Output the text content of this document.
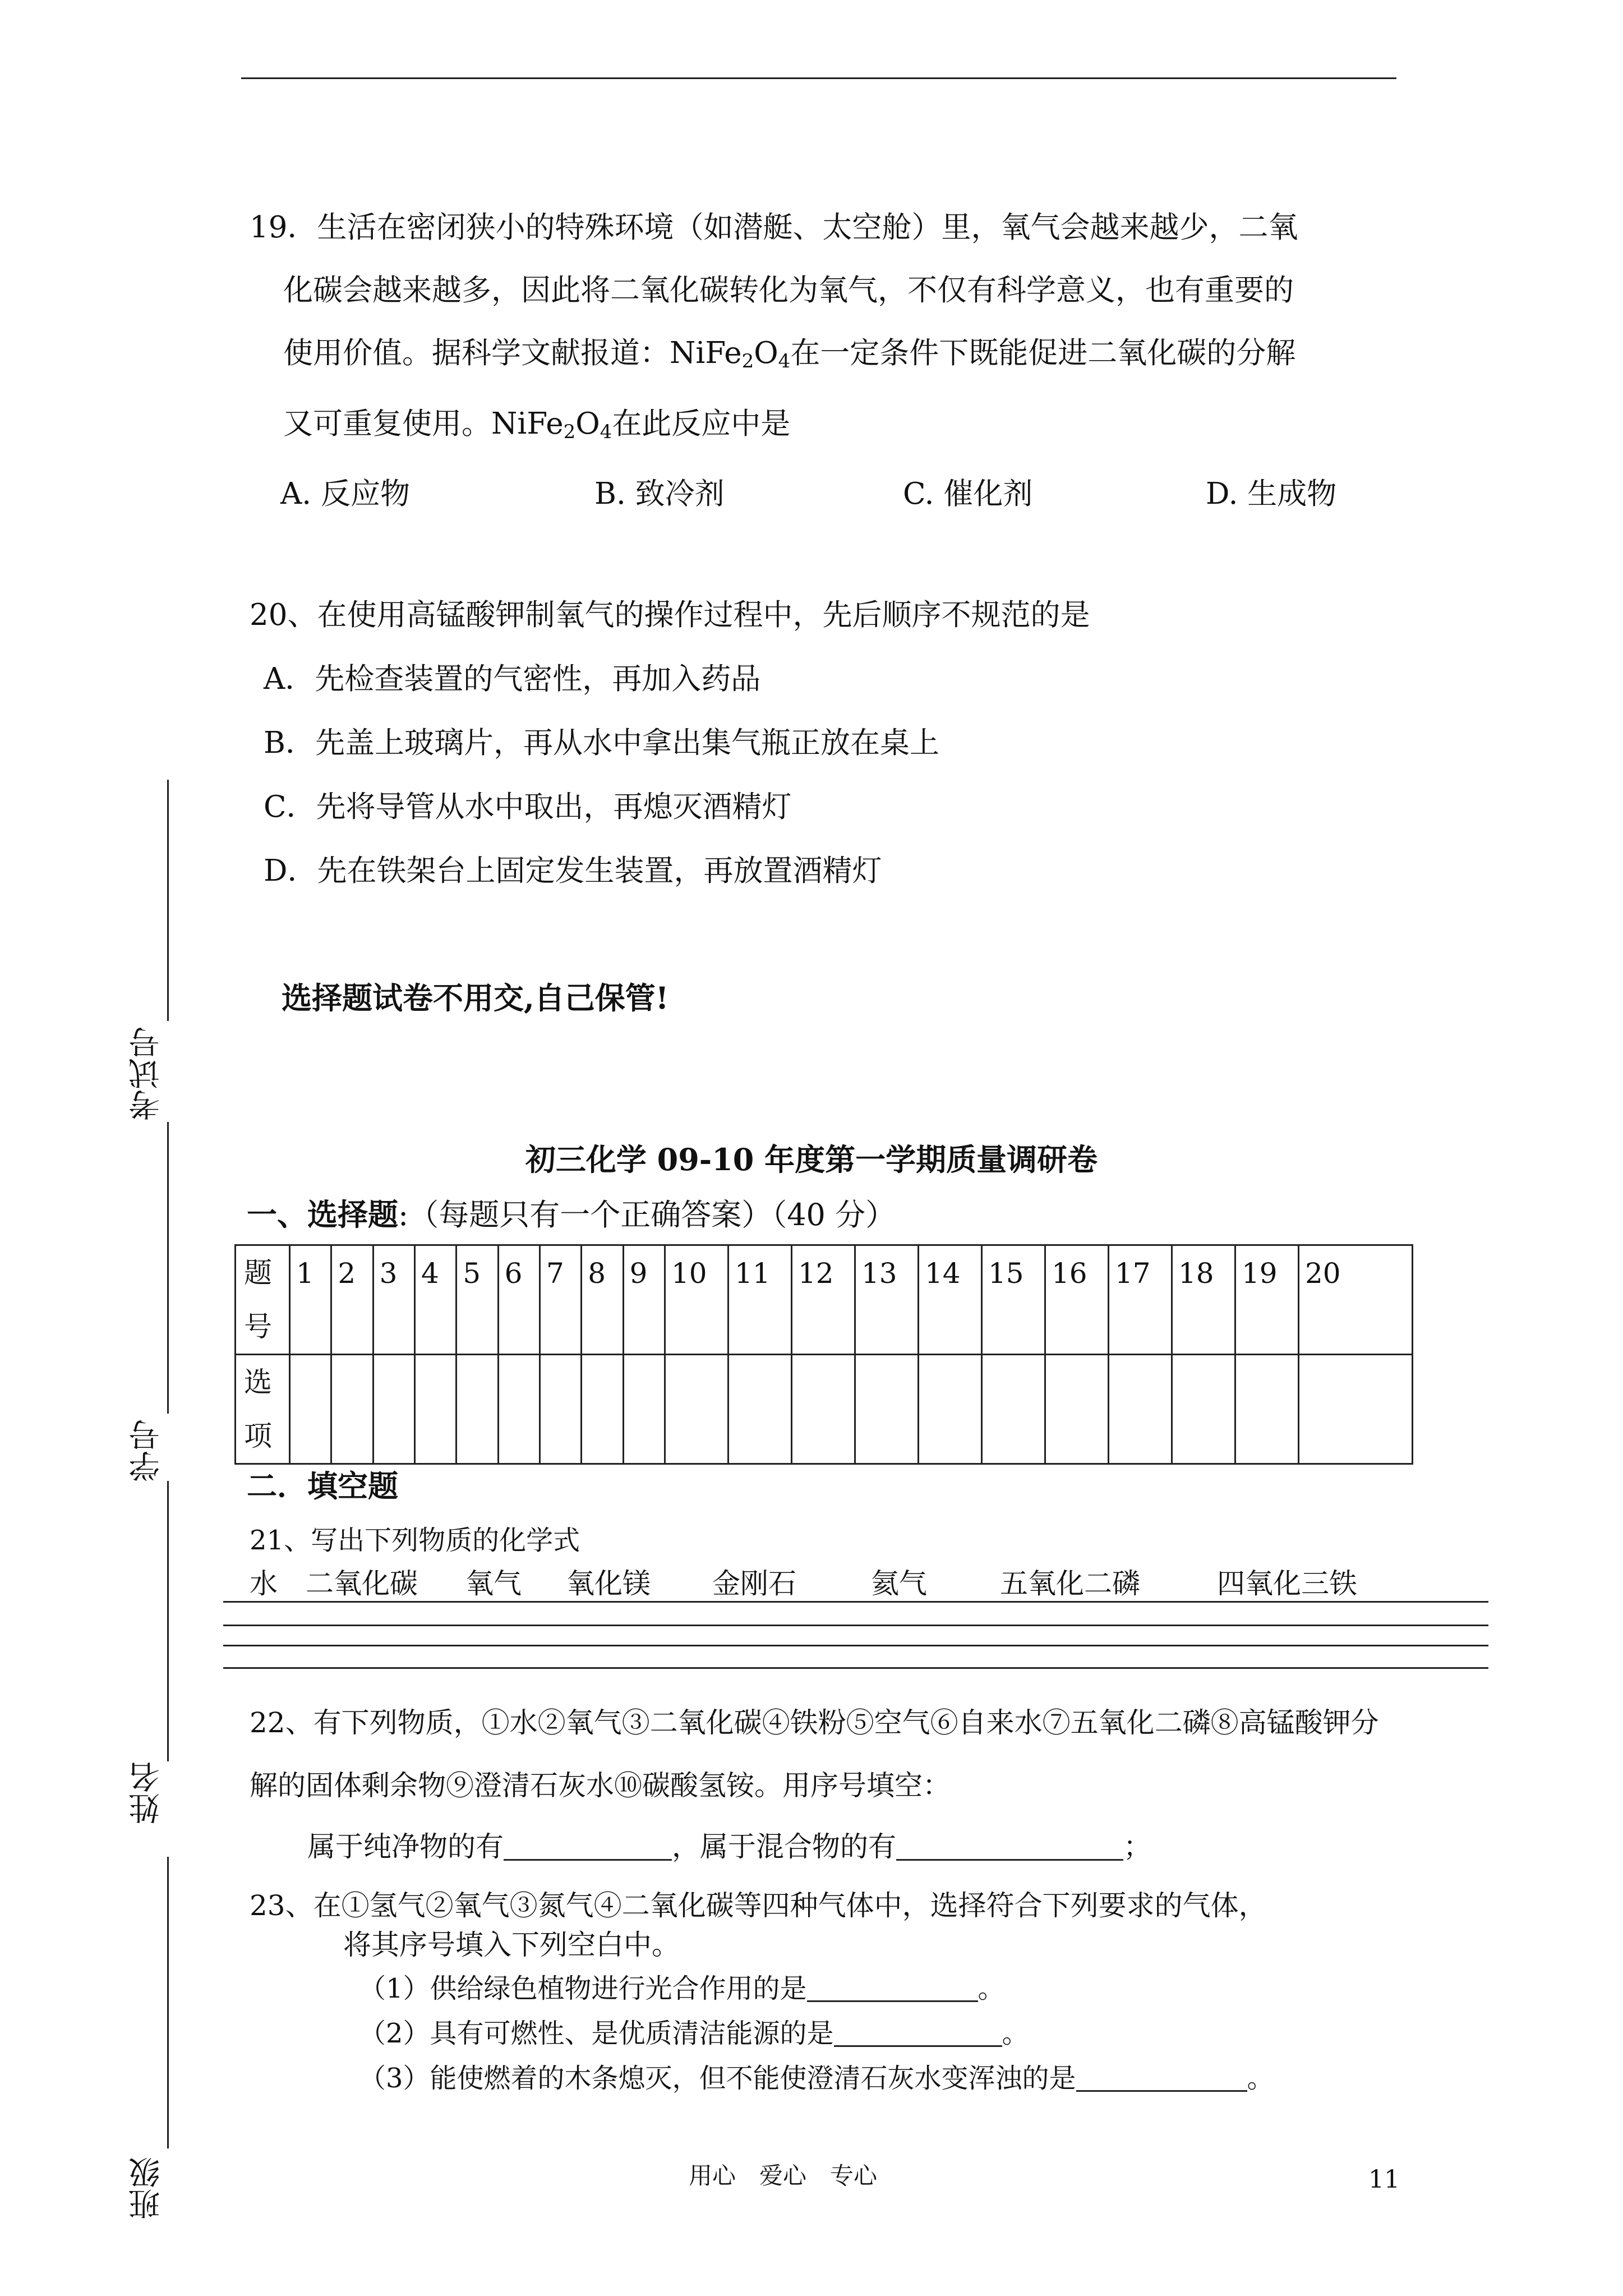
19．生活在密闭狭小的特殊环境（如潜艇、太空舱）里，氧气会越来越少，二氧
化碳会越来越多，因此将二氧化碳转化为氧气，不仅有科学意义，也有重要的
使用价值。据科学文献报道：$NiFe_2O_4$在一定条件下既能促进二氧化碳的分解
又可重复使用。$NiFe_2O_4$在此反应中是
A. 反应物	B. 致冷剂	C. 催化剂	D. 生成物
20、在使用高锰酸钾制氧气的操作过程中，先后顺序不规范的是
A．先检查装置的气密性，再加入药品
B．先盖上玻璃片，再从水中拿出集气瓶正放在桌上
C．先将导管从水中取出，再熄灭酒精灯
D．先在铁架台上固定发生装置，再放置酒精灯
选择题试卷不用交,自己保管!
初三化学 09-10 年度第一学期质量调研卷
一、选择题:（每题只有一个正确答案）（40 分）
题
号	1	2	3	4	5	6	7	8	9	10	11	12	13	14	15	16	17	18	19	20
选
项																				
二．填空题
21、写出下列物质的化学式
水 二氧化碳 氧气 氧化镁 金刚石	氦气	五氧化二磷	四氧化三铁
22、有下列物质，①水②氧气③二氧化碳④铁粉⑤空气⑥自来水⑦五氧化二磷⑧高锰酸钾分
解的固体剩余物⑨澄清石灰水⑩碳酸氢铵。用序号填空：
属于纯净物的有	，属于混合物的有	；
23、在①氢气②氧气③氮气④二氧化碳等四种气体中，选择符合下列要求的气体，
将其序号填入下列空白中。
（1）供给绿色植物进行光合作用的是	。
（2）具有可燃性、是优质清洁能源的是	。
（3）能使燃着的木条熄灭，但不能使澄清石灰水变浑浊的是	。
考试号
学号
姓名
班级	用心　爱心　专心	11
